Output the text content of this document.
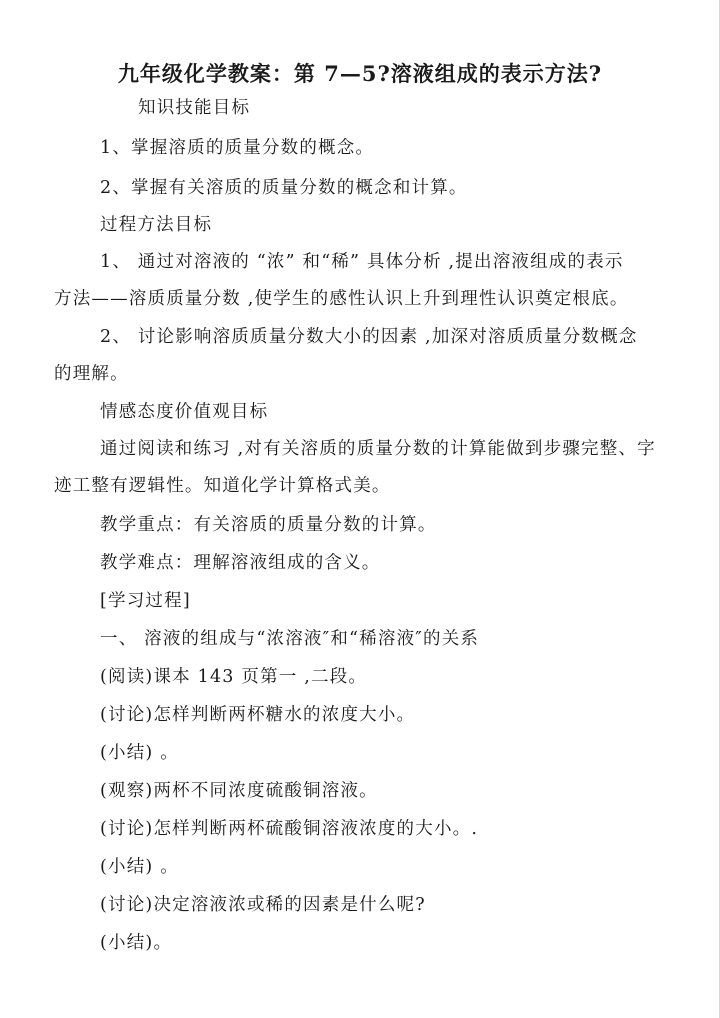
九年级化学教案：第 7—5?溶液组成的表示方法?
知识技能目标
1、掌握溶质的质量分数的概念。
2、掌握有关溶质的质量分数的概念和计算。
过程方法目标
1、 通过对溶液的 “浓” 和“稀” 具体分析 ,提出溶液组成的表示
方法——溶质质量分数 ,使学生的感性认识上升到理性认识奠定根底。
2、 讨论影响溶质质量分数大小的因素 ,加深对溶质质量分数概念
的理解。
情感态度价值观目标
通过阅读和练习 ,对有关溶质的质量分数的计算能做到步骤完整、字
迹工整有逻辑性。知道化学计算格式美。
教学重点：有关溶质的质量分数的计算。
教学难点：理解溶液组成的含义。
[学习过程]
一、 溶液的组成与“浓溶液″和“稀溶液″的关系
(阅读)课本 143 页第一 ,二段。
(讨论)怎样判断两杯糖水的浓度大小。
(小结) 。
(观察)两杯不同浓度硫酸铜溶液。
(讨论)怎样判断两杯硫酸铜溶液浓度的大小。.
(小结) 。
(讨论)决定溶液浓或稀的因素是什么呢?
(小结)。
